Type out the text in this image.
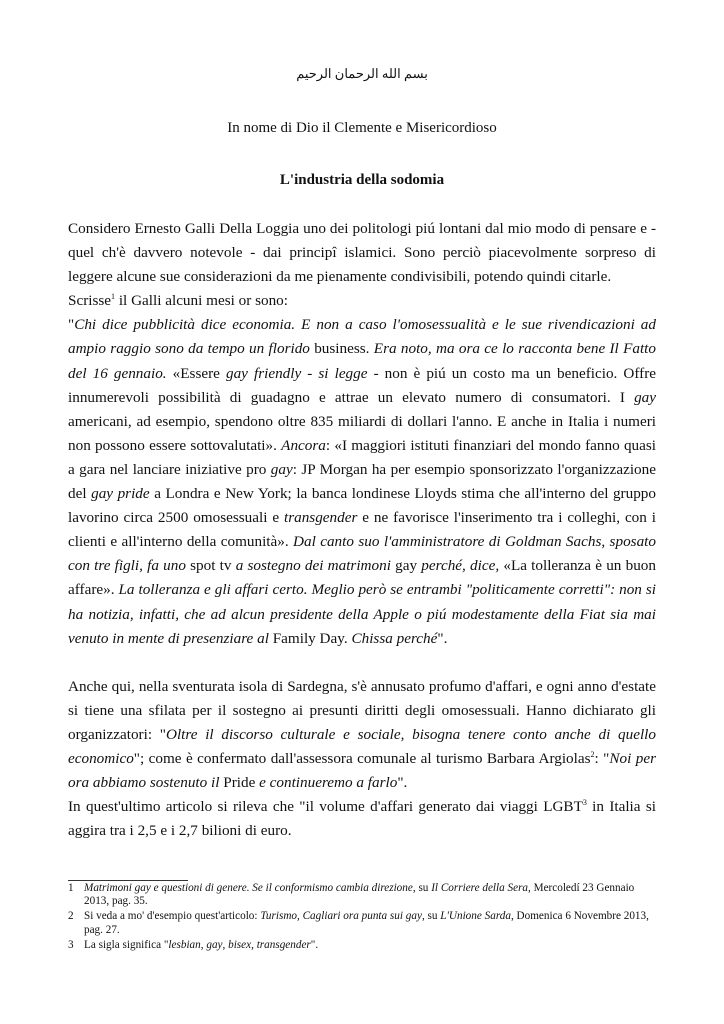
بسم الله الرحمان الرحيم
In nome di Dio il Clemente e Misericordioso
L'industria della sodomia

Considero Ernesto Galli Della Loggia uno dei politologi piú lontani dal mio modo di pensare e - quel ch'è davvero notevole - dai principî islamici. Sono perciò piacevolmente sorpreso di leggere alcune sue considerazioni da me pienamente condivisibili, potendo quindi citarle.

Scrisse$^1$ il Galli alcuni mesi or sono:

"Chi dice pubblicità dice economia. E non a caso l'omosessualità e le sue rivendicazioni ad ampio raggio sono da tempo un florido business. Era noto, ma ora ce lo racconta bene Il Fatto del 16 gennaio. «Essere gay friendly - si legge - non è piú un costo ma un beneficio. Offre innumerevoli possibilità di guadagno e attrae un elevato numero di consumatori. I gay americani, ad esempio, spendono oltre 835 miliardi di dollari l'anno. E anche in Italia i numeri non possono essere sottovalutati». Ancora: «I maggiori istituti finanziari del mondo fanno quasi a gara nel lanciare iniziative pro gay: JP Morgan ha per esempio sponsorizzato l'organizzazione del gay pride a Londra e New York; la banca londinese Lloyds stima che all'interno del gruppo lavorino circa 2500 omosessuali e transgender e ne favorisce l'inserimento tra i colleghi, con i clienti e all'interno della comunità». Dal canto suo l'amministratore di Goldman Sachs, sposato con tre figli, fa uno spot tv a sostegno dei matrimoni gay perché, dice, «La tolleranza è un buon affare». La tolleranza e gli affari certo. Meglio però se entrambi "politicamente corretti": non si ha notizia, infatti, che ad alcun presidente della Apple o piú modestamente della Fiat sia mai venuto in mente di presenziare al Family Day. Chissa perché".

Anche qui, nella sventurata isola di Sardegna, s'è annusato profumo d'affari, e ogni anno d'estate si tiene una sfilata per il sostegno ai presunti diritti degli omosessuali. Hanno dichiarato gli organizzatori: "Oltre il discorso culturale e sociale, bisogna tenere conto anche di quello economico"; come è confermato dall'assessora comunale al turismo Barbara Argiolas$^2$: "Noi per ora abbiamo sostenuto il Pride e continueremo a farlo".

In quest'ultimo articolo si rileva che "il volume d'affari generato dai viaggi LGBT$^3$ in Italia si aggira tra i 2,5 e i 2,7 bilioni di euro.

1 Matrimoni gay e questioni di genere. Se il conformismo cambia direzione, su Il Corriere della Sera, Mercoledí 23 Gennaio 2013, pag. 35.
2 Si veda a mo' d'esempio quest'articolo: Turismo, Cagliari ora punta sui gay, su L'Unione Sarda, Domenica 6 Novembre 2013, pag. 27.
3 La sigla significa "lesbian, gay, bisex, transgender".
